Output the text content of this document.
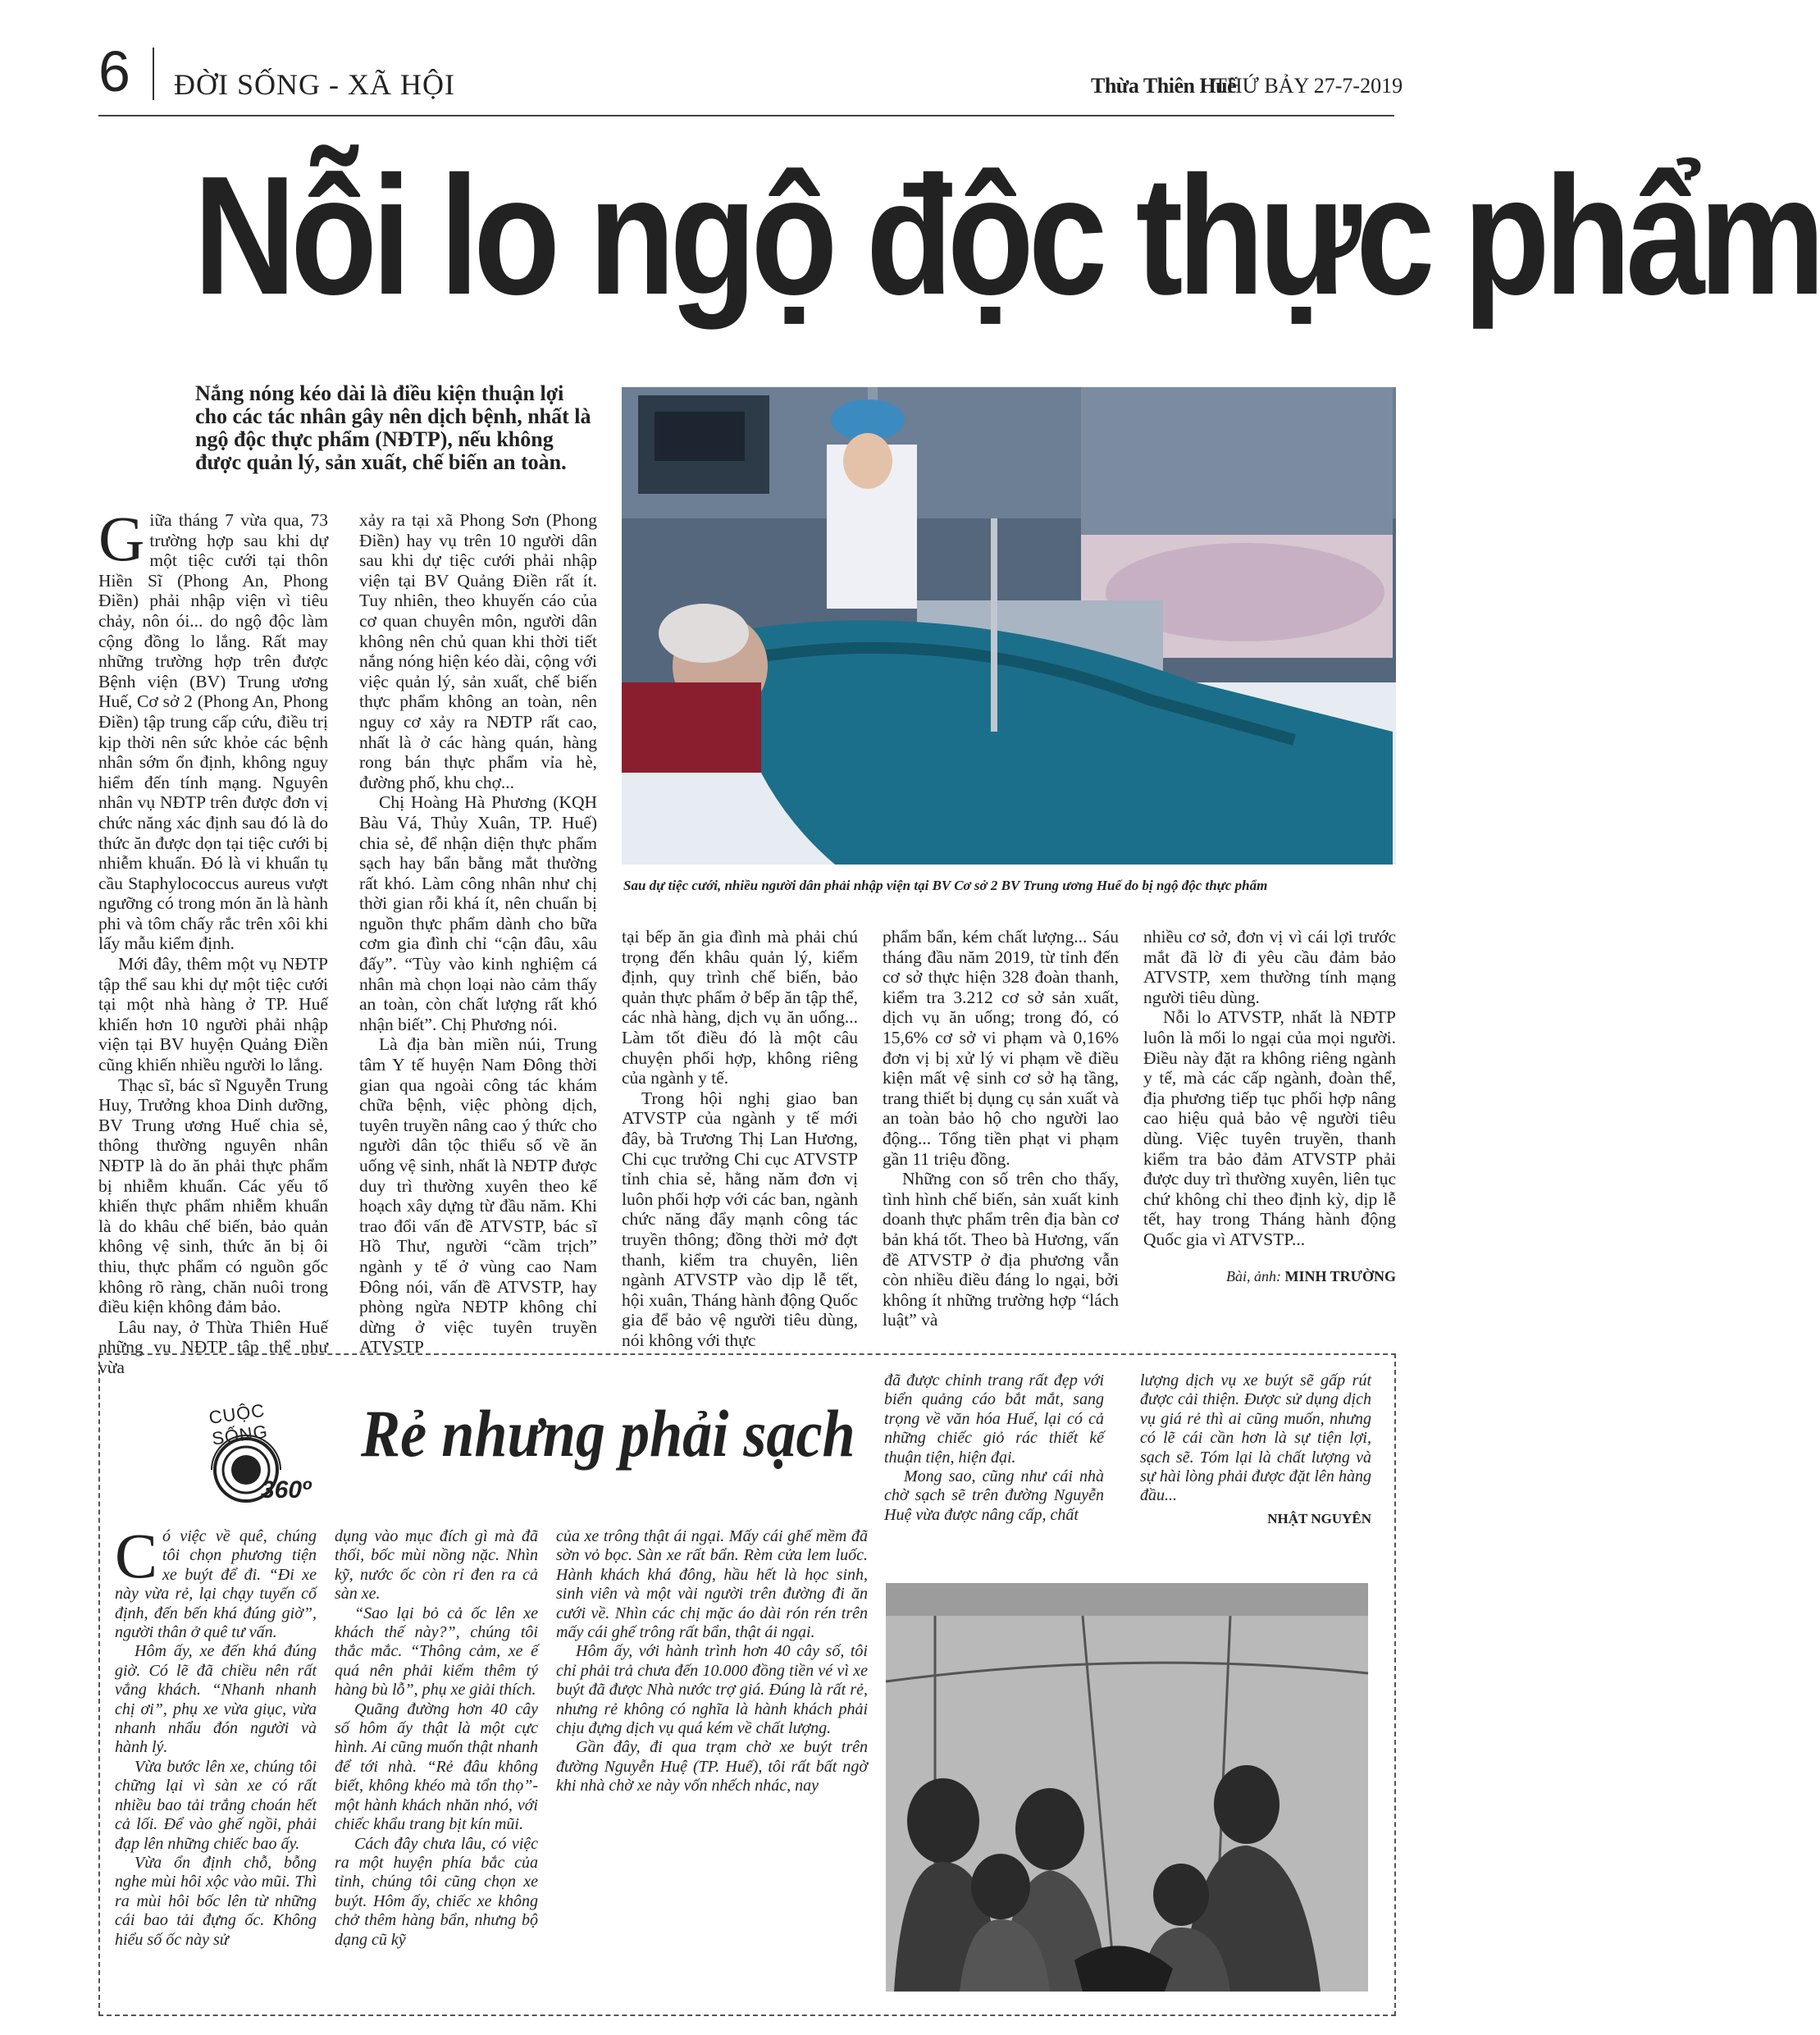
6 ĐỜI SỐNG - XÃ HỘI	Thừa Thiên Huế
THỨ BẢY 27-7-2019
Nỗi lo ngộ độc thực phẩm
Nắng nóng kéo dài là điều kiện thuận lợi cho các tác nhân gây nên dịch bệnh, nhất là ngộ độc thực phẩm (NĐTP), nếu không được quản lý, sản xuất, chế biến an toàn.
Sau dự tiệc cưới, nhiều người dân phải nhập viện tại BV Cơ sở 2 BV Trung ương Huế do bị ngộ độc thực phẩm

Giữa tháng 7 vừa qua, 73 trường hợp sau khi dự một tiệc cưới tại thôn Hiền Sĩ (Phong An, Phong Điền) phải nhập viện vì tiêu chảy, nôn ói... do ngộ độc làm cộng đồng lo lắng. Rất may những trường hợp trên được Bệnh viện (BV) Trung ương Huế, Cơ sở 2 (Phong An, Phong Điền) tập trung cấp cứu, điều trị kịp thời nên sức khỏe các bệnh nhân sớm ổn định, không nguy hiểm đến tính mạng. Nguyên nhân vụ NĐTP trên được đơn vị chức năng xác định sau đó là do thức ăn được dọn tại tiệc cưới bị nhiễm khuẩn. Đó là vi khuẩn tụ cầu Staphylococcus aureus vượt ngưỡng có trong món ăn là hành phi và tôm chấy rắc trên xôi khi lấy mẫu kiểm định.

Mới đây, thêm một vụ NĐTP tập thể sau khi dự một tiệc cưới tại một nhà hàng ở TP. Huế khiến hơn 10 người phải nhập viện tại BV huyện Quảng Điền cũng khiến nhiều người lo lắng.

Thạc sĩ, bác sĩ Nguyễn Trung Huy, Trưởng khoa Dinh dưỡng, BV Trung ương Huế chia sẻ, thông thường nguyên nhân NĐTP là do ăn phải thực phẩm bị nhiễm khuẩn. Các yếu tố khiến thực phẩm nhiễm khuẩn là do khâu chế biến, bảo quản không vệ sinh, thức ăn bị ôi thiu, thực phẩm có nguồn gốc không rõ ràng, chăn nuôi trong điều kiện không đảm bảo.

Lâu nay, ở Thừa Thiên Huế những vụ NĐTP tập thể như vừa

xảy ra tại xã Phong Sơn (Phong Điền) hay vụ trên 10 người dân sau khi dự tiệc cưới phải nhập viện tại BV Quảng Điền rất ít. Tuy nhiên, theo khuyến cáo của cơ quan chuyên môn, người dân không nên chủ quan khi thời tiết nắng nóng hiện kéo dài, cộng với việc quản lý, sản xuất, chế biến thực phẩm không an toàn, nên nguy cơ xảy ra NĐTP rất cao, nhất là ở các hàng quán, hàng rong bán thực phẩm vỉa hè, đường phố, khu chợ...

Chị Hoàng Hà Phương (KQH Bàu Vá, Thủy Xuân, TP. Huế) chia sẻ, để nhận diện thực phẩm sạch hay bẩn bằng mắt thường rất khó. Làm công nhân như chị thời gian rỗi khá ít, nên chuẩn bị nguồn thực phẩm dành cho bữa cơm gia đình chỉ “cận đâu, xâu đấy”. “Tùy vào kinh nghiệm cá nhân mà chọn loại nào cảm thấy an toàn, còn chất lượng rất khó nhận biết”. Chị Phương nói.

Là địa bàn miền núi, Trung tâm Y tế huyện Nam Đông thời gian qua ngoài công tác khám chữa bệnh, việc phòng dịch, tuyên truyền nâng cao ý thức cho người dân tộc thiểu số về ăn uống vệ sinh, nhất là NĐTP được duy trì thường xuyên theo kế hoạch xây dựng từ đầu năm. Khi trao đổi vấn đề ATVSTP, bác sĩ Hồ Thư, người “cầm trịch” ngành y tế ở vùng cao Nam Đông nói, vấn đề ATVSTP, hay phòng ngừa NĐTP không chỉ dừng ở việc tuyên truyền ATVSTP

tại bếp ăn gia đình mà phải chú trọng đến khâu quản lý, kiểm định, quy trình chế biến, bảo quản thực phẩm ở bếp ăn tập thể, các nhà hàng, dịch vụ ăn uống... Làm tốt điều đó là một câu chuyện phối hợp, không riêng của ngành y tế.

Trong hội nghị giao ban ATVSTP của ngành y tế mới đây, bà Trương Thị Lan Hương, Chi cục trưởng Chi cục ATVSTP tỉnh chia sẻ, hằng năm đơn vị luôn phối hợp với các ban, ngành chức năng đẩy mạnh công tác truyền thông; đồng thời mở đợt thanh, kiểm tra chuyên, liên ngành ATVSTP vào dịp lễ tết, hội xuân, Tháng hành động Quốc gia để bảo vệ người tiêu dùng, nói không với thực

phẩm bẩn, kém chất lượng... Sáu tháng đầu năm 2019, từ tỉnh đến cơ sở thực hiện 328 đoàn thanh, kiểm tra 3.212 cơ sở sản xuất, dịch vụ ăn uống; trong đó, có 15,6% cơ sở vi phạm và 0,16% đơn vị bị xử lý vi phạm về điều kiện mất vệ sinh cơ sở hạ tầng, trang thiết bị dụng cụ sản xuất và an toàn bảo hộ cho người lao động... Tổng tiền phạt vi phạm gần 11 triệu đồng.

Những con số trên cho thấy, tình hình chế biến, sản xuất kinh doanh thực phẩm trên địa bàn cơ bản khá tốt. Theo bà Hương, vấn đề ATVSTP ở địa phương vẫn còn nhiều điều đáng lo ngại, bởi không ít những trường hợp “lách luật” và

nhiều cơ sở, đơn vị vì cái lợi trước mắt đã lờ đi yêu cầu đảm bảo ATVSTP, xem thường tính mạng người tiêu dùng.

Nỗi lo ATVSTP, nhất là NĐTP luôn là mối lo ngại của mọi người. Điều này đặt ra không riêng ngành y tế, mà các cấp ngành, đoàn thể, địa phương tiếp tục phối hợp nâng cao hiệu quả bảo vệ người tiêu dùng. Việc tuyên truyền, thanh kiểm tra bảo đảm ATVSTP phải được duy trì thường xuyên, liên tục chứ không chỉ theo định kỳ, dịp lễ tết, hay trong Tháng hành động Quốc gia vì ATVSTP...

Bài, ảnh: MINH TRƯỜNG
CUỘC SỐNG
360º
Rẻ nhưng phải sạch

Có việc về quê, chúng tôi chọn phương tiện xe buýt để đi. “Đi xe này vừa rẻ, lại chạy tuyến cố định, đến bến khá đúng giờ”, người thân ở quê tư vấn.

Hôm ấy, xe đến khá đúng giờ. Có lẽ đã chiều nên rất vắng khách. “Nhanh nhanh chị ơi”, phụ xe vừa giục, vừa nhanh nhẩu đón người và hành lý.

Vừa bước lên xe, chúng tôi chững lại vì sàn xe có rất nhiều bao tải trắng choán hết cả lối. Để vào ghế ngồi, phải đạp lên những chiếc bao ấy.

Vừa ổn định chỗ, bỗng nghe mùi hôi xộc vào mũi. Thì ra mùi hôi bốc lên từ những cái bao tải đựng ốc. Không hiểu số ốc này sử

dụng vào mục đích gì mà đã thối, bốc mùi nồng nặc. Nhìn kỹ, nước ốc còn rỉ đen ra cả sàn xe.

“Sao lại bỏ cả ốc lên xe khách thế này?”, chúng tôi thắc mắc. “Thông cảm, xe ế quá nên phải kiếm thêm tý hàng bù lỗ”, phụ xe giải thích.

Quãng đường hơn 40 cây số hôm ấy thật là một cực hình. Ai cũng muốn thật nhanh để tới nhà. “Rẻ đâu không biết, không khéo mà tổn thọ”- một hành khách nhăn nhó, với chiếc khẩu trang bịt kín mũi.

Cách đây chưa lâu, có việc ra một huyện phía bắc của tỉnh, chúng tôi cũng chọn xe buýt. Hôm ấy, chiếc xe không chở thêm hàng bẩn, nhưng bộ dạng cũ kỹ

của xe trông thật ái ngại. Mấy cái ghế mềm đã sờn vỏ bọc. Sàn xe rất bẩn. Rèm cửa lem luốc. Hành khách khá đông, hầu hết là học sinh, sinh viên và một vài người trên đường đi ăn cưới về. Nhìn các chị mặc áo dài rón rén trên mấy cái ghế trông rất bẩn, thật ái ngại.

Hôm ấy, với hành trình hơn 40 cây số, tôi chỉ phải trả chưa đến 10.000 đồng tiền vé vì xe buýt đã được Nhà nước trợ giá. Đúng là rất rẻ, nhưng rẻ không có nghĩa là hành khách phải chịu đựng dịch vụ quá kém về chất lượng.

Gần đây, đi qua trạm chờ xe buýt trên đường Nguyễn Huệ (TP. Huế), tôi rất bất ngờ khi nhà chờ xe này vốn nhếch nhác, nay

đã được chỉnh trang rất đẹp với biển quảng cáo bắt mắt, sang trọng về văn hóa Huế, lại có cả những chiếc giỏ rác thiết kế thuận tiện, hiện đại.

Mong sao, cũng như cái nhà chờ sạch sẽ trên đường Nguyễn Huệ vừa được nâng cấp, chất

lượng dịch vụ xe buýt sẽ gấp rút được cải thiện. Được sử dụng dịch vụ giá rẻ thì ai cũng muốn, nhưng có lẽ cái cần hơn là sự tiện lợi, sạch sẽ. Tóm lại là chất lượng và sự hài lòng phải được đặt lên hàng đầu...

NHẬT NGUYÊN
